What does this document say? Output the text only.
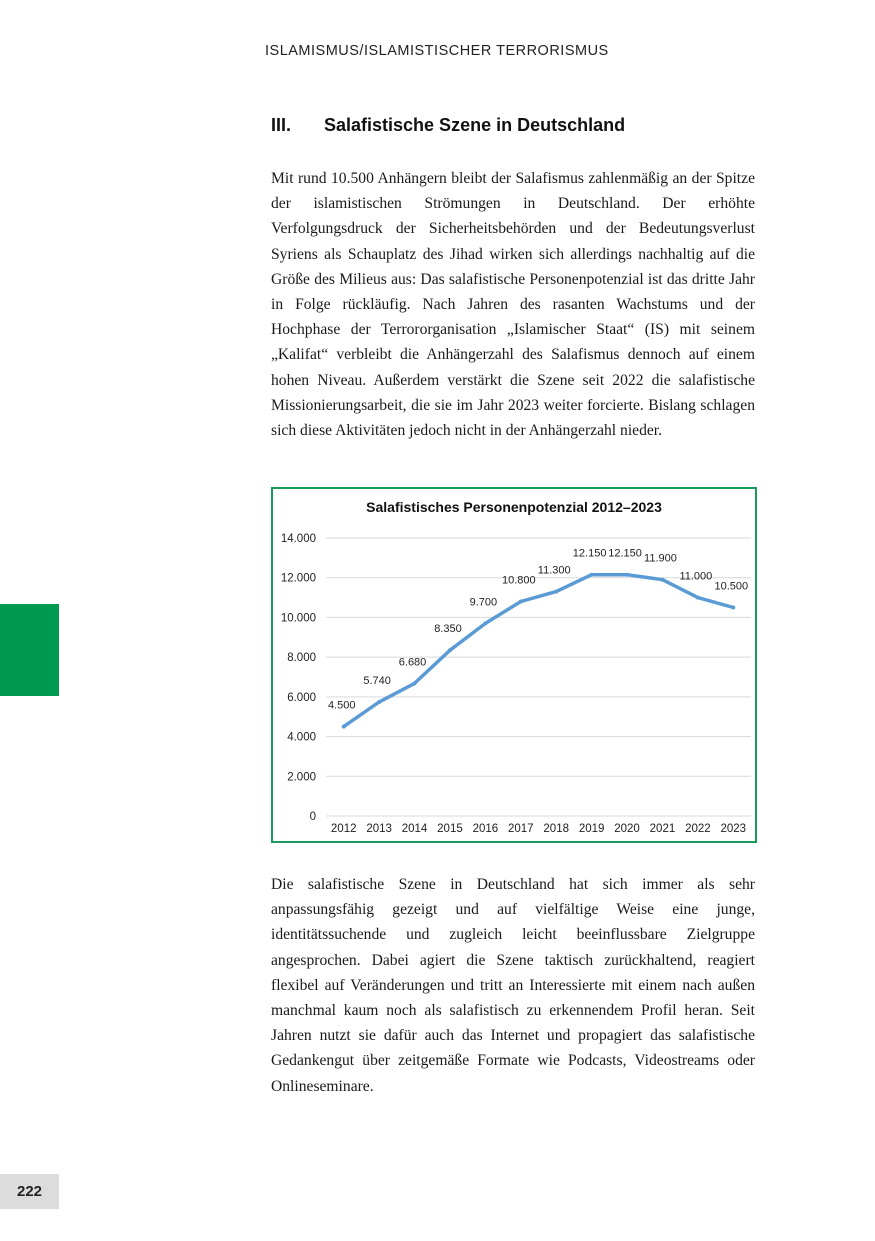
ISLAMISMUS/ISLAMISTISCHER TERRORISMUS
III. Salafistische Szene in Deutschland

Mit rund 10.500 Anhängern bleibt der Salafismus zahlenmäßig an der Spitze der islamistischen Strömungen in Deutschland. Der erhöhte Verfolgungsdruck der Sicherheitsbehörden und der Bedeutungsverlust Syriens als Schauplatz des Jihad wirken sich allerdings nachhaltig auf die Größe des Milieus aus: Das salafistische Personenpotenzial ist das dritte Jahr in Folge rückläufig. Nach Jahren des rasanten Wachstums und der Hochphase der Terrororganisation „Islamischer Staat“ (IS) mit seinem „Kalifat“ verbleibt die Anhängerzahl des Salafismus dennoch auf einem hohen Niveau. Außerdem verstärkt die Szene seit 2022 die salafistische Missionierungsarbeit, die sie im Jahr 2023 weiter forcierte. Bislang schlagen sich diese Aktivitäten jedoch nicht in der Anhängerzahl nieder.

Salafistisches Personenpotenzial 2012–2023
0
2.000
4.000
6.000
8.000
10.000
12.000
14.000
2012 2013 2014 2015 2016 2017 2018 2019 2020 2021 2022 2023
4.500
5.740
6.680
8.350
9.700
10.800
11.300
12.150 12.150 11.900
11.000
10.500

Die salafistische Szene in Deutschland hat sich immer als sehr anpassungsfähig gezeigt und auf vielfältige Weise eine junge, identitätssuchende und zugleich leicht beeinflussbare Zielgruppe angesprochen. Dabei agiert die Szene taktisch zurückhaltend, reagiert flexibel auf Veränderungen und tritt an Interessierte mit einem nach außen manchmal kaum noch als salafistisch zu erkennendem Profil heran. Seit Jahren nutzt sie dafür auch das Internet und propagiert das salafistische Gedankengut über zeitgemäße Formate wie Podcasts, Videostreams oder Onlineseminare.

222
